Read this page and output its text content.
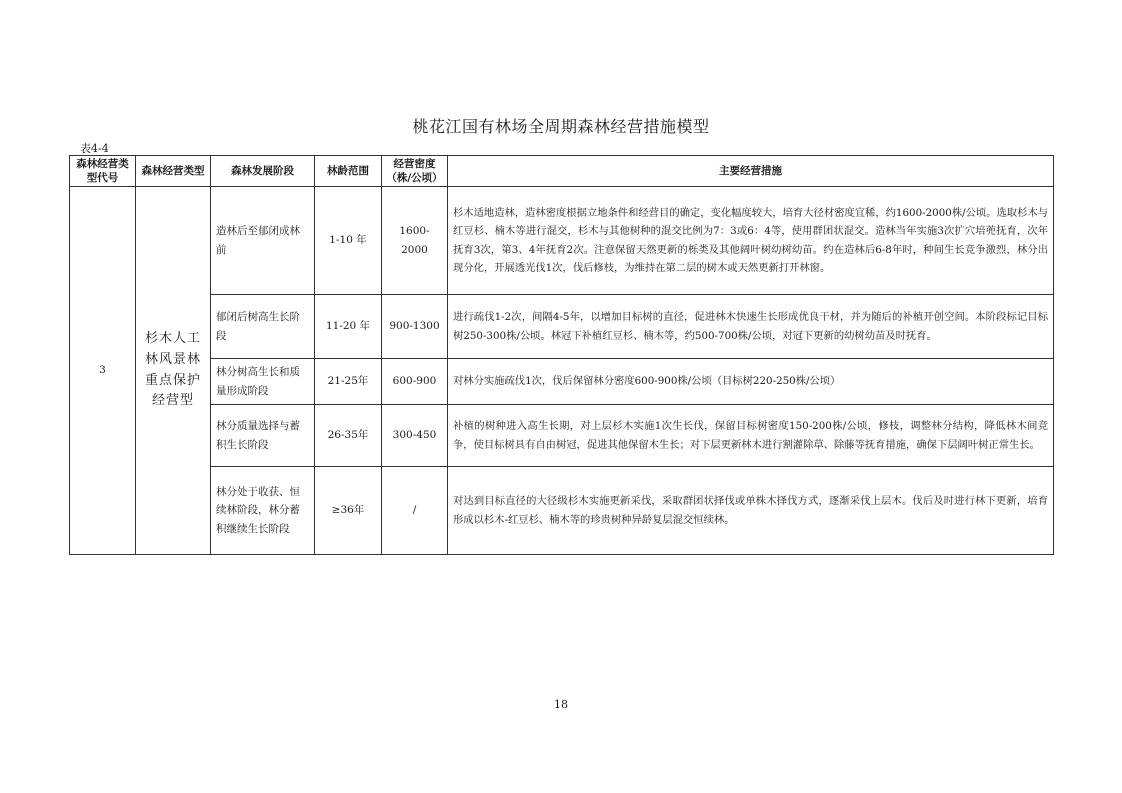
桃花江国有林场全周期森林经营措施模型
表4-4
森林经营类型代号	森林经营类型	森林发展阶段	林龄范围	经营密度（株/公顷）	主要经营措施
3	杉木人工林风景林重点保护经营型	造林后至郁闭成林前	1-10 年	1600-2000	杉木适地造林，造林密度根据立地条件和经营目的确定，变化幅度较大，培育大径材密度宜稀，约1600-2000株/公顷。选取杉木与红豆杉、楠木等进行混交，杉木与其他树种的混交比例为7：3或6：4等，使用群团状混交。造林当年实施3次扩穴培蔸抚育，次年抚育3次，第3、4年抚育2次。注意保留天然更新的栎类及其他阔叶树幼树幼苗。约在造林后6-8年时，种间生长竞争激烈，林分出现分化，开展透光伐1次，伐后修枝，为维持在第二层的树木或天然更新打开林窗。
		郁闭后树高生长阶段	11-20 年	900-1300	进行疏伐1-2次，间隔4-5年，以增加目标树的直径，促进林木快速生长形成优良干材，并为随后的补植开创空间。本阶段标记目标树250-300株/公顷。林冠下补植红豆杉、楠木等，约500-700株/公顷，对冠下更新的幼树幼苗及时抚育。
		林分树高生长和质量形成阶段	21-25年	600-900	对林分实施疏伐1次，伐后保留林分密度600-900株/公顷（目标树220-250株/公顷）
		林分质量选择与蓄积生长阶段	26-35年	300-450	补植的树种进入高生长期，对上层杉木实施1次生长伐，保留目标树密度150-200株/公顷，修枝，调整林分结构，降低林木间竞争，使目标树具有自由树冠，促进其他保留木生长；对下层更新林木进行割灌除草、除藤等抚育措施，确保下层阔叶树正常生长。
		林分处于收获、恒续林阶段，林分蓄积继续生长阶段	≥36年	/	对达到目标直径的大径级杉木实施更新采伐，采取群团状择伐或单株木择伐方式，逐渐采伐上层木。伐后及时进行林下更新，培育形成以杉木-红豆杉、楠木等的珍贵树种异龄复层混交恒续林。
18
